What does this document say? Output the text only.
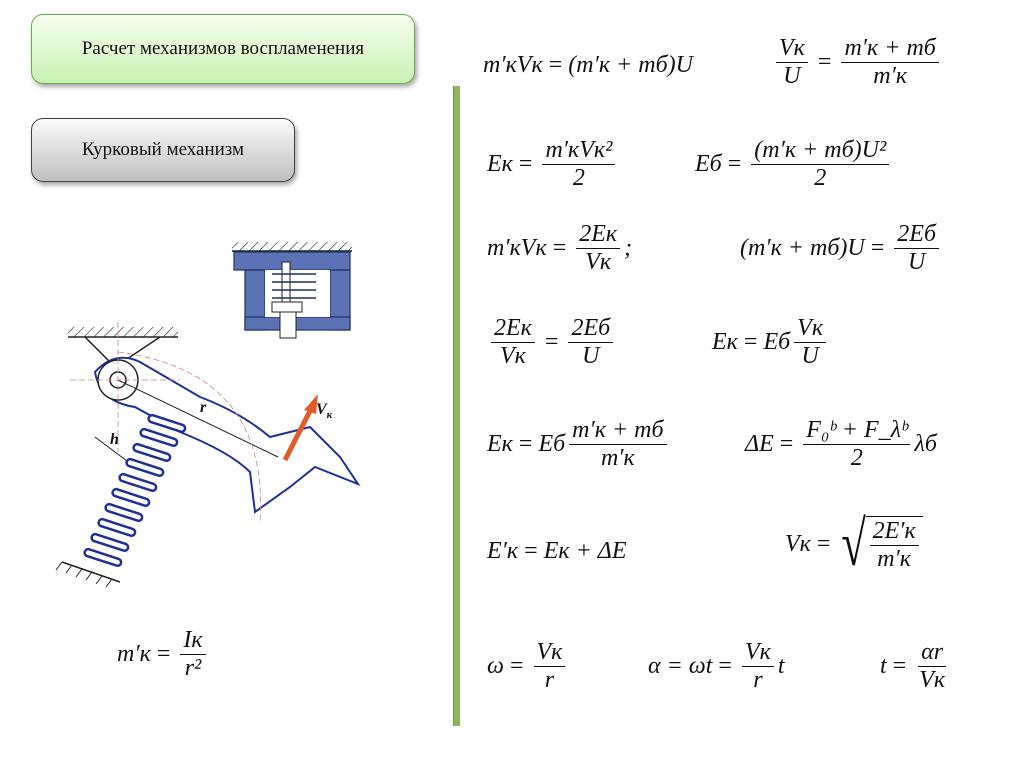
Расчет механизмов воспламенения
Курковый механизм
r
h
$V_к$
m′кVк = (m′к + mб)U	$\frac{Vк}{U} = \frac{m'к + mб}{m'к}$
Eк = $\frac{\text{m′кVк²}}{2}$	Eб = $\frac{\text{(m′к + mб)U²}}{2}$
$m'кVк = \frac{2Eк}{Vк}$ ;	$(m'к + mб)U = \frac{2Eб}{U}$
$\frac{2Eк}{Vк} = \frac{2Eб}{U}$	Eк = Eб $\frac{Vк}{U}$
Eк = Eб $\frac{m'к + mб}{m'к}$	$\Delta E = \frac{\text{F₀ᵇ + F\_λᵇ}}{2}$ λб
E′к = Eк + ΔE	Vк = √ $\frac{2E'к}{m'к}$
$\omega = \frac{Vк}{r}$	$\alpha = \omega t = \frac{Vк}{r}$ t	$t = \frac{\alpha r}{Vк}$
$m'к = \frac{Iк}{\text{r²}}$
